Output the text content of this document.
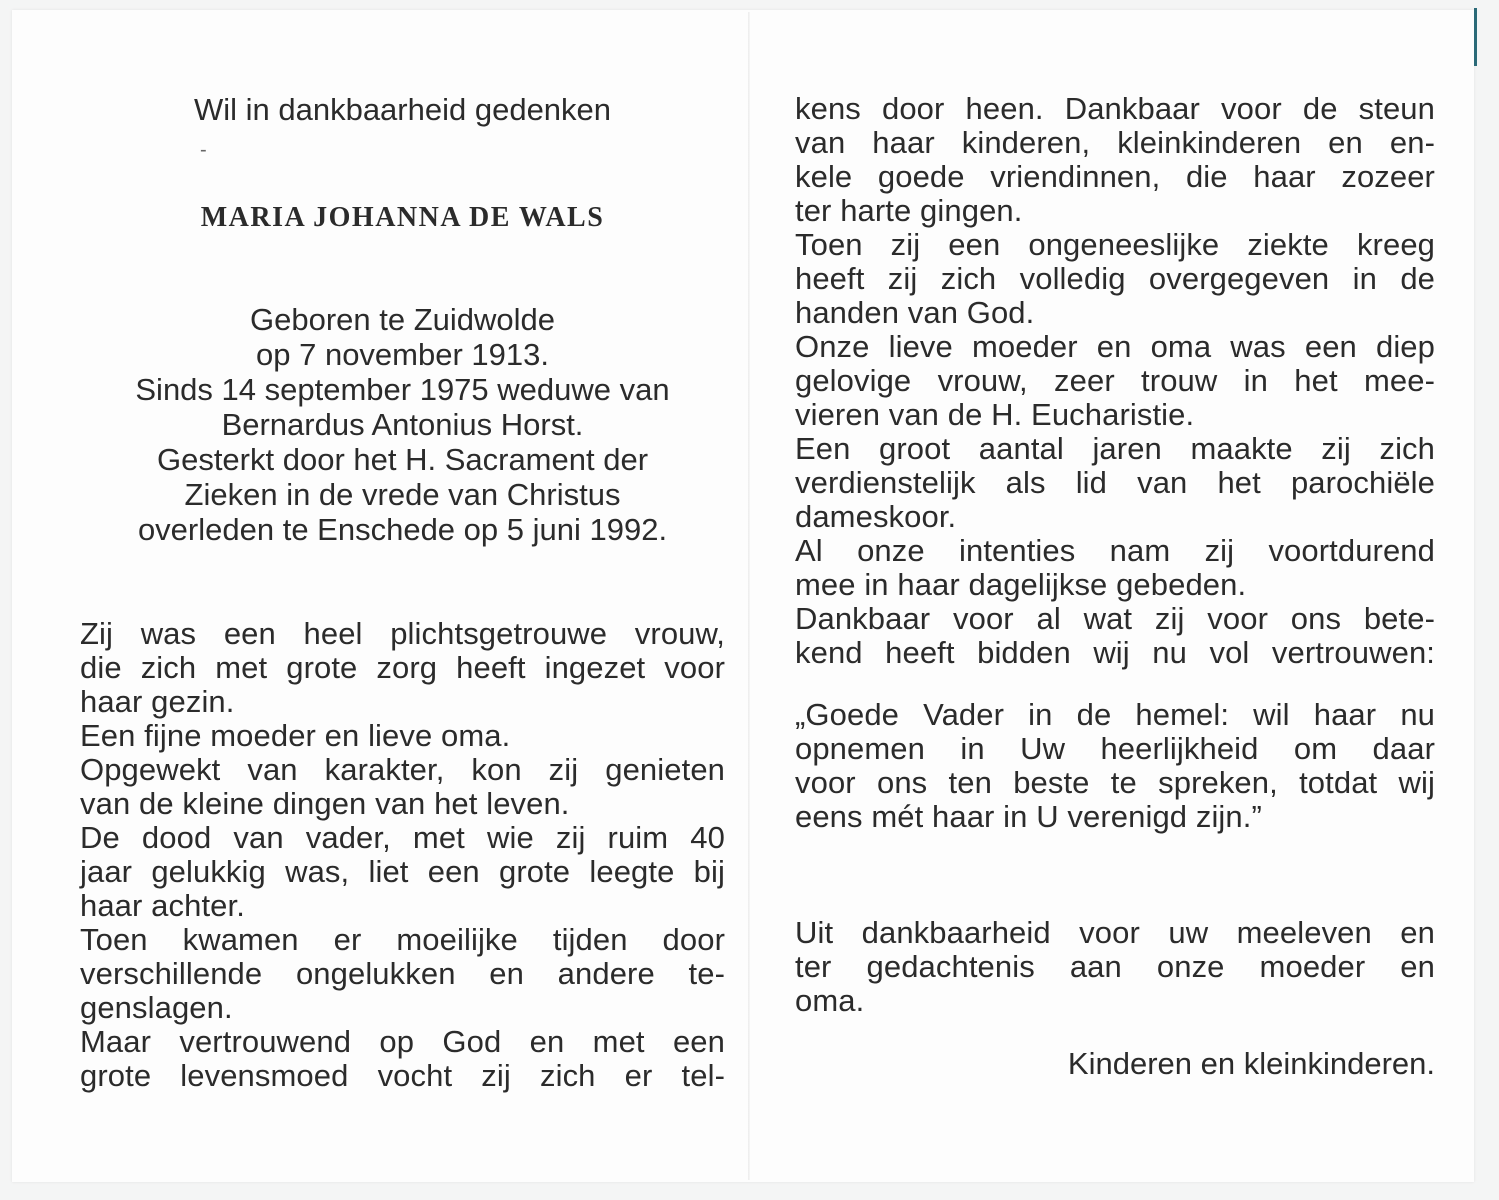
Wil in dankbaarheid gedenken

-

MARIA JOHANNA DE WALS

Geboren te Zuidwolde
op 7 november 1913.
Sinds 14 september 1975 weduwe van
Bernardus Antonius Horst.
Gesterkt door het H. Sacrament der
Zieken in de vrede van Christus
overleden te Enschede op 5 juni 1992.
Zij was een heel plichtsgetrouwe vrouw,
die zich met grote zorg heeft ingezet voor
haar gezin.
Een fijne moeder en lieve oma.
Opgewekt van karakter, kon zij genieten
van de kleine dingen van het leven.
De dood van vader, met wie zij ruim 40
jaar gelukkig was, liet een grote leegte bij
haar achter.
Toen kwamen er moeilijke tijden door
verschillende ongelukken en andere te-
genslagen.
Maar vertrouwend op God en met een
grote levensmoed vocht zij zich er tel-
kens door heen. Dankbaar voor de steun
van haar kinderen, kleinkinderen en en-
kele goede vriendinnen, die haar zozeer
ter harte gingen.
Toen zij een ongeneeslijke ziekte kreeg
heeft zij zich volledig overgegeven in de
handen van God.
Onze lieve moeder en oma was een diep
gelovige vrouw, zeer trouw in het mee-
vieren van de H. Eucharistie.
Een groot aantal jaren maakte zij zich
verdienstelijk als lid van het parochiële
dameskoor.
Al onze intenties nam zij voortdurend
mee in haar dagelijkse gebeden.
Dankbaar voor al wat zij voor ons bete-
kend heeft bidden wij nu vol vertrouwen:
„Goede Vader in de hemel: wil haar nu
opnemen in Uw heerlijkheid om daar
voor ons ten beste te spreken, totdat wij
eens mét haar in U verenigd zijn.”
Uit dankbaarheid voor uw meeleven en
ter gedachtenis aan onze moeder en
oma.
Kinderen en kleinkinderen.
